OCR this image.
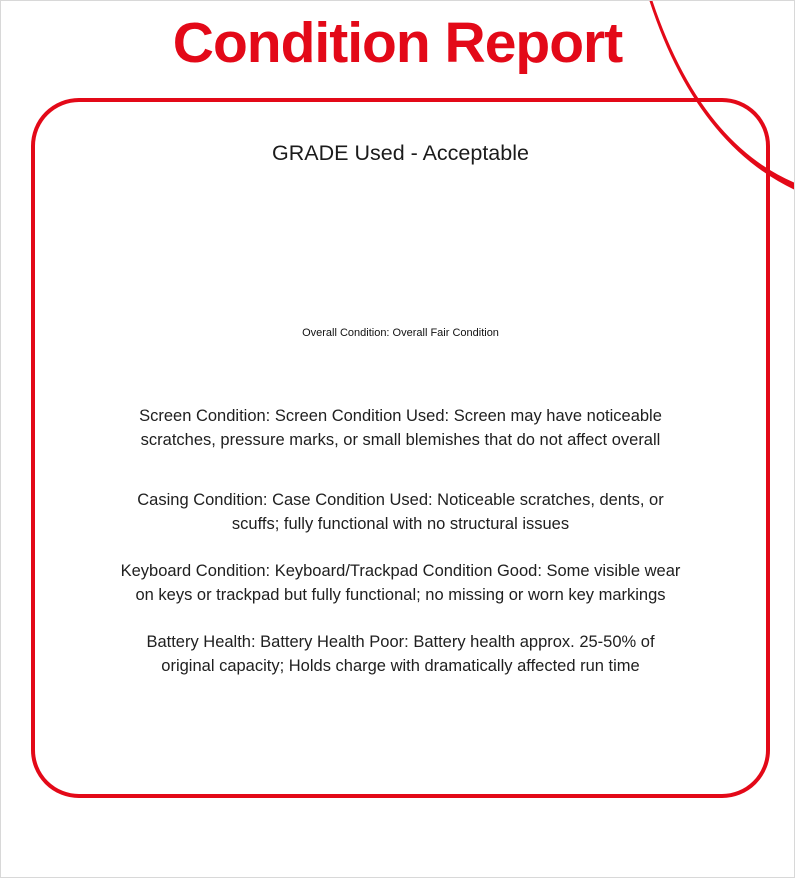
Condition Report
GRADE Used - Acceptable
Overall Condition: Overall Fair Condition
Screen Condition: Screen Condition Used: Screen may have noticeable
scratches, pressure marks, or small blemishes that do not affect overall
Casing Condition: Case Condition Used: Noticeable scratches, dents, or
scuffs; fully functional with no structural issues
Keyboard Condition: Keyboard/Trackpad Condition Good: Some visible wear
on keys or trackpad but fully functional; no missing or worn key markings
Battery Health: Battery Health Poor: Battery health approx. 25-50% of
original capacity; Holds charge with dramatically affected run time
